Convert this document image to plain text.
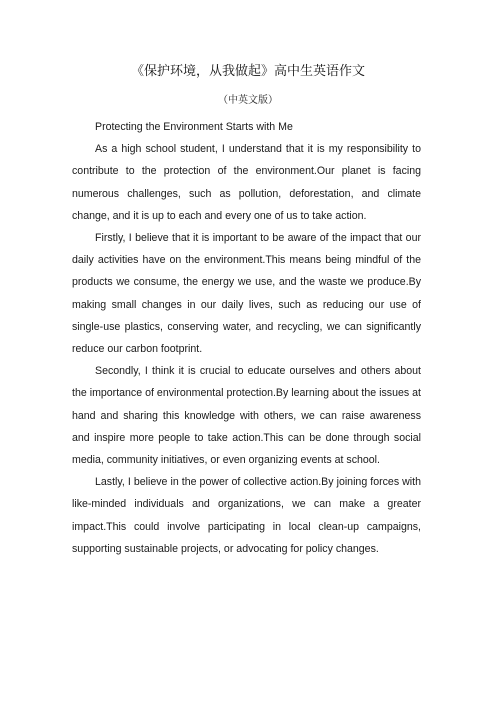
《保护环境，从我做起》高中生英语作文
（中英文版）

Protecting the Environment Starts with Me

As a high school student, I understand that it is my responsibility to contribute to the protection of the environment.Our planet is facing numerous challenges, such as pollution, deforestation, and climate change, and it is up to each and every one of us to take action.

Firstly, I believe that it is important to be aware of the impact that our daily activities have on the environment.This means being mindful of the products we consume, the energy we use, and the waste we produce.By making small changes in our daily lives, such as reducing our use of single-use plastics, conserving water, and recycling, we can significantly reduce our carbon footprint.

Secondly, I think it is crucial to educate ourselves and others about the importance of environmental protection.By learning about the issues at hand and sharing this knowledge with others, we can raise awareness and inspire more people to take action.This can be done through social media, community initiatives, or even organizing events at school.

Lastly, I believe in the power of collective action.By joining forces with like-minded individuals and organizations, we can make a greater impact.This could involve participating in local clean-up campaigns, supporting sustainable projects, or advocating for policy changes.
